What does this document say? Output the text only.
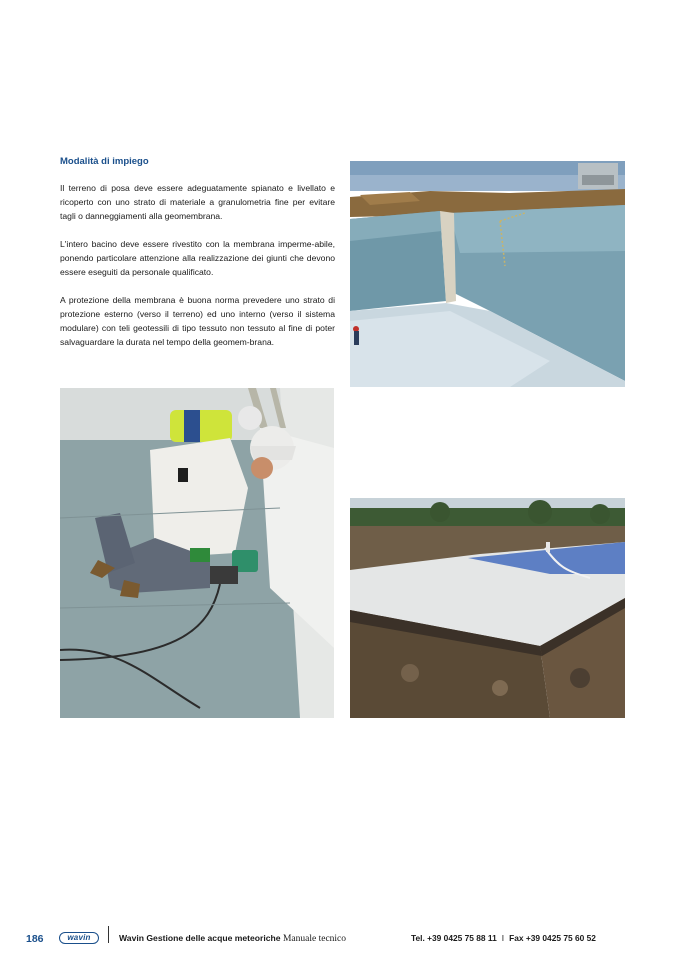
Modalità di impiego

Il terreno di posa deve essere adeguatamente spianato e livellato e ricoperto con uno strato di materiale a granulometria fine per evitare tagli o danneggiamenti alla geomembrana.

L'intero bacino deve essere rivestito con la membrana imperme-abile, ponendo particolare attenzione alla realizzazione dei giunti che devono essere eseguiti da personale qualificato.

A protezione della membrana è buona norma prevedere uno strato di protezione esterno (verso il terreno) ed uno interno (verso il sistema modulare) con teli geotessili di tipo tessuto non tessuto al fine di poter salvaguardare la durata nel tempo della geomem-brana.

186	wavin	Wavin Gestione delle acque meteoriche Manuale tecnico	Tel. +39 0425 75 88 11 I Fax +39 0425 75 60 52
